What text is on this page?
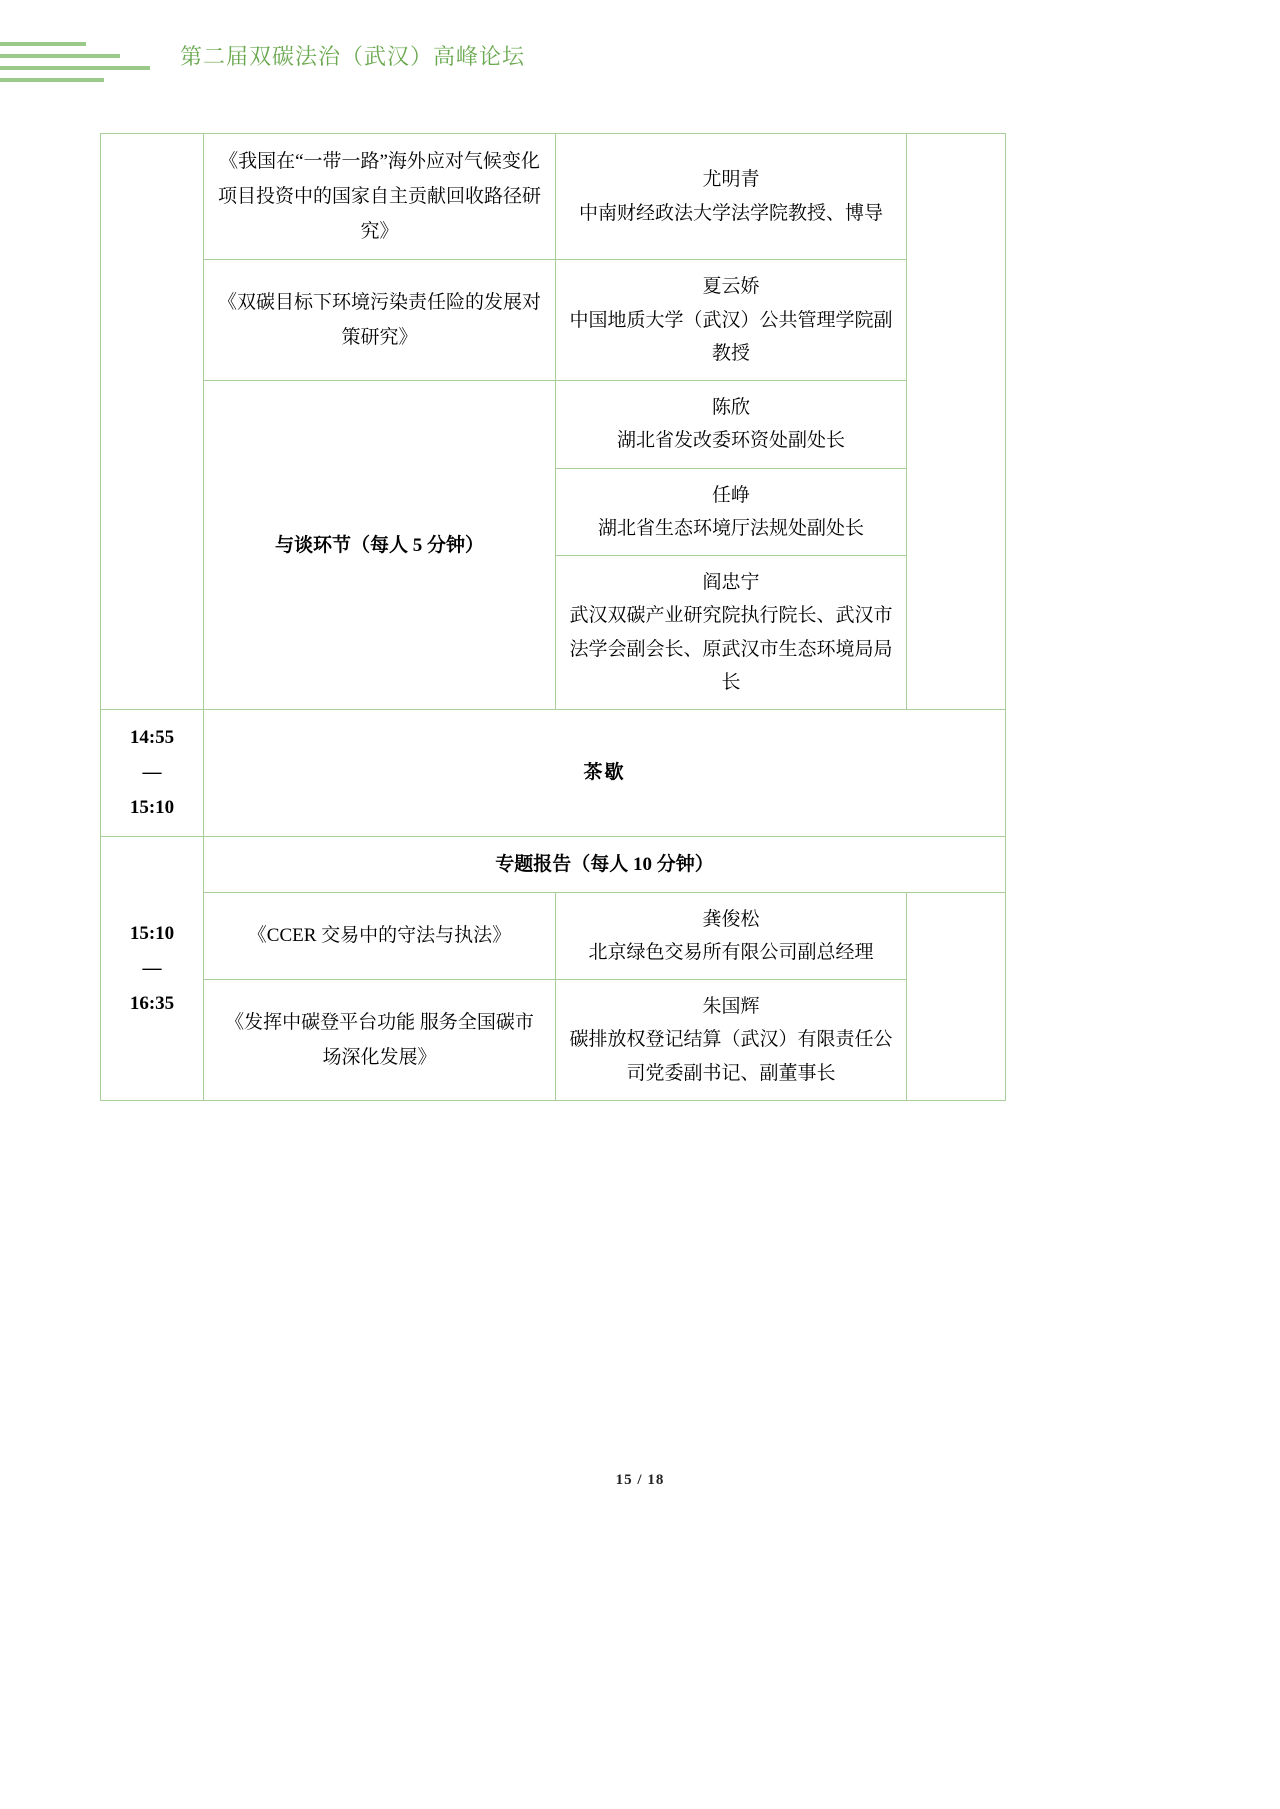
第二届双碳法治（武汉）高峰论坛
	《我国在“一带一路”海外应对气候变化项目投资中的国家自主贡献回收路径研究》	尤明青
中南财经政法大学法学院教授、博导	

	《双碳目标下环境污染责任险的发展对策研究》	夏云娇
中国地质大学（武汉）公共管理学院副教授	

	与谈环节（每人 5 分钟）	陈欣
湖北省发改委环资处副处长	

		任峥
湖北省生态环境厅法规处副处长	

		阎忠宁
武汉双碳产业研究院执行院长、武汉市法学会副会长、原武汉市生态环境局局长	

14:55
—
15:10	茶歇		

15:10
—
16:35	专题报告（每人 10 分钟）		
	《CCER 交易中的守法与执法》	龚俊松
北京绿色交易所有限公司副总经理	

	《发挥中碳登平台功能 服务全国碳市场深化发展》	朱国辉
碳排放权登记结算（武汉）有限责任公司党委副书记、副董事长	
15 / 18
